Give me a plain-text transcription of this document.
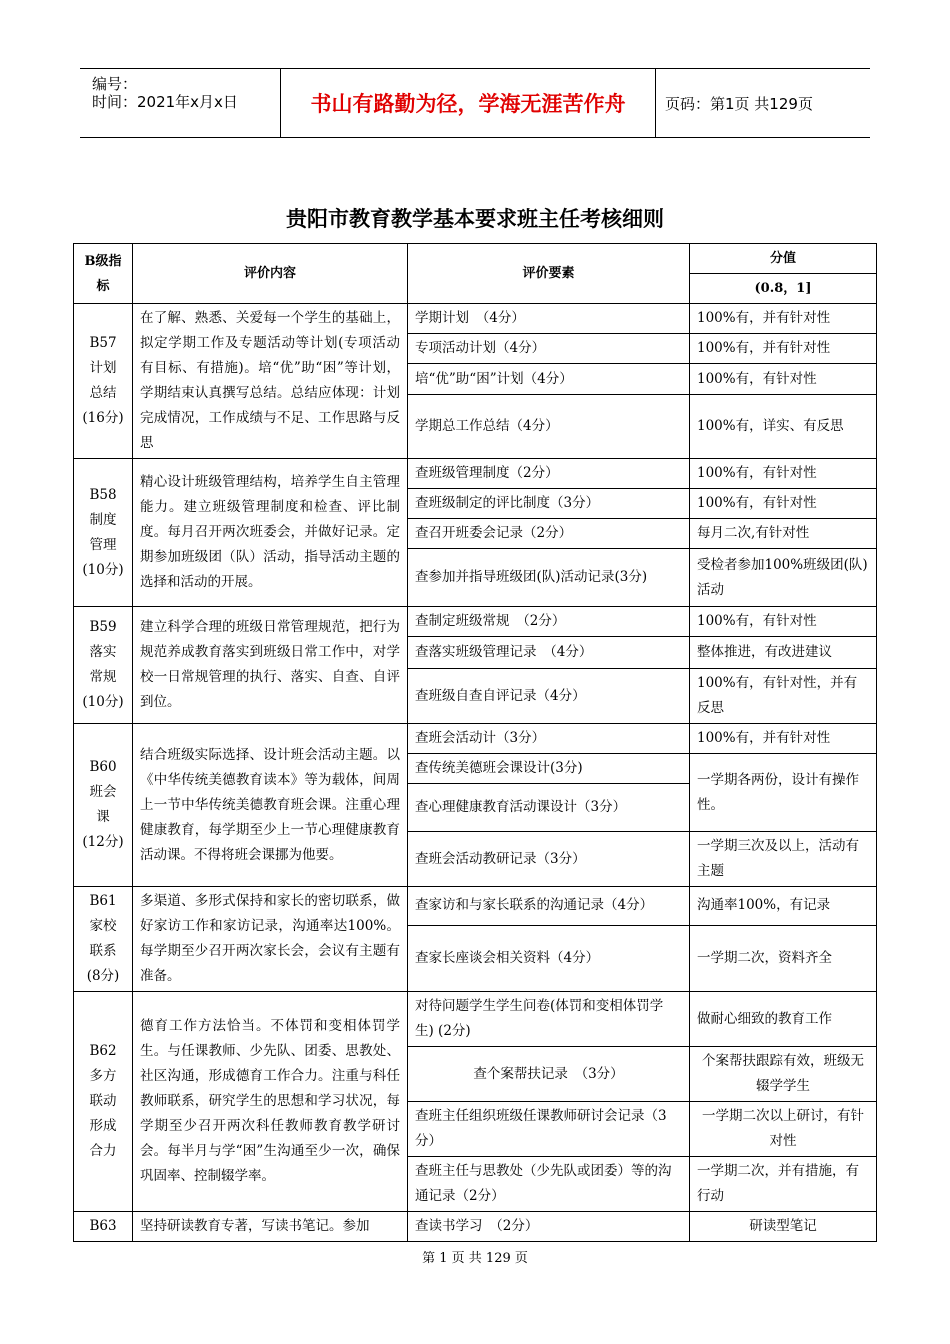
编号：
时间：2021年x月x日	书山有路勤为径，学海无涯苦作舟	页码：第1页 共129页
贵阳市教育教学基本要求班主任考核细则
B级指标	评价内容	评价要素	分值
			(0.8，1]
B57
计划
总结
(16分)	在了解、熟悉、关爱每一个学生的基础上，拟定学期工作及专题活动等计划(专项活动有目标、有措施)。培“优”助“困”等计划，学期结束认真撰写总结。总结应体现：计划完成情况，工作成绩与不足、工作思路与反思	学期计划　（4分）	100%有，并有针对性
		专项活动计划（4分）	100%有，并有针对性
		培“优”助“困”计划（4分）	100%有，有针对性
		学期总工作总结（4分）	100%有，详实、有反思
B58
制度
管理
(10分)	精心设计班级管理结构，培养学生自主管理能力。建立班级管理制度和检查、评比制度。每月召开两次班委会，并做好记录。定期参加班级团（队）活动，指导活动主题的选择和活动的开展。	查班级管理制度（2分）	100%有，有针对性
		查班级制定的评比制度（3分）	100%有，有针对性
		查召开班委会记录（2分）	每月二次,有针对性
		查参加并指导班级团(队)活动记录(3分)	受检者参加100%班级团(队)活动
B59
落实
常规
(10分)	建立科学合理的班级日常管理规范，把行为规范养成教育落实到班级日常工作中，对学校一日常规管理的执行、落实、自查、自评到位。	查制定班级常规　（2分）	100%有，有针对性
		查落实班级管理记录　（4分）	整体推进，有改进建议
		查班级自查自评记录（4分）	100%有，有针对性，并有反思
B60
班会
课
(12分)	结合班级实际选择、设计班会活动主题。以《中华传统美德教育读本》等为载体，间周上一节中华传统美德教育班会课。注重心理健康教育，每学期至少上一节心理健康教育活动课。不得将班会课挪为他要。	查班会活动计（3分）	100%有，并有针对性
		查传统美德班会课设计(3分)	一学期各两份，设计有操作性。
		查心理健康教育活动课设计（3分）	
		查班会活动教研记录（3分）	一学期三次及以上，活动有主题
B61
家校
联系
(8分)	多渠道、多形式保持和家长的密切联系，做好家访工作和家访记录，沟通率达100%。每学期至少召开两次家长会，会议有主题有准备。	查家访和与家长联系的沟通记录（4分）	沟通率100%，有记录
		查家长座谈会相关资料（4分）	一学期二次，资料齐全
B62
多方
联动
形成
合力	德育工作方法恰当。不体罚和变相体罚学生。与任课教师、少先队、团委、思教处、社区沟通，形成德育工作合力。注重与科任教师联系，研究学生的思想和学习状况，每学期至少召开两次科任教师教育教学研讨会。每半月与学“困”生沟通至少一次，确保巩固率、控制辍学率。	对待问题学生学生问卷(体罚和变相体罚学生) (2分)	做耐心细致的教育工作
		查个案帮扶记录　（3分）	个案帮扶跟踪有效，班级无辍学学生
		查班主任组织班级任课教师研讨会记录（3分）	一学期二次以上研讨，有针对性
		查班主任与思教处（少先队或团委）等的沟通记录（2分）	一学期二次，并有措施，有行动
B63	坚持研读教育专著，写读书笔记。参加	查读书学习　（2分）	研读型笔记
第 1 页 共 129 页
